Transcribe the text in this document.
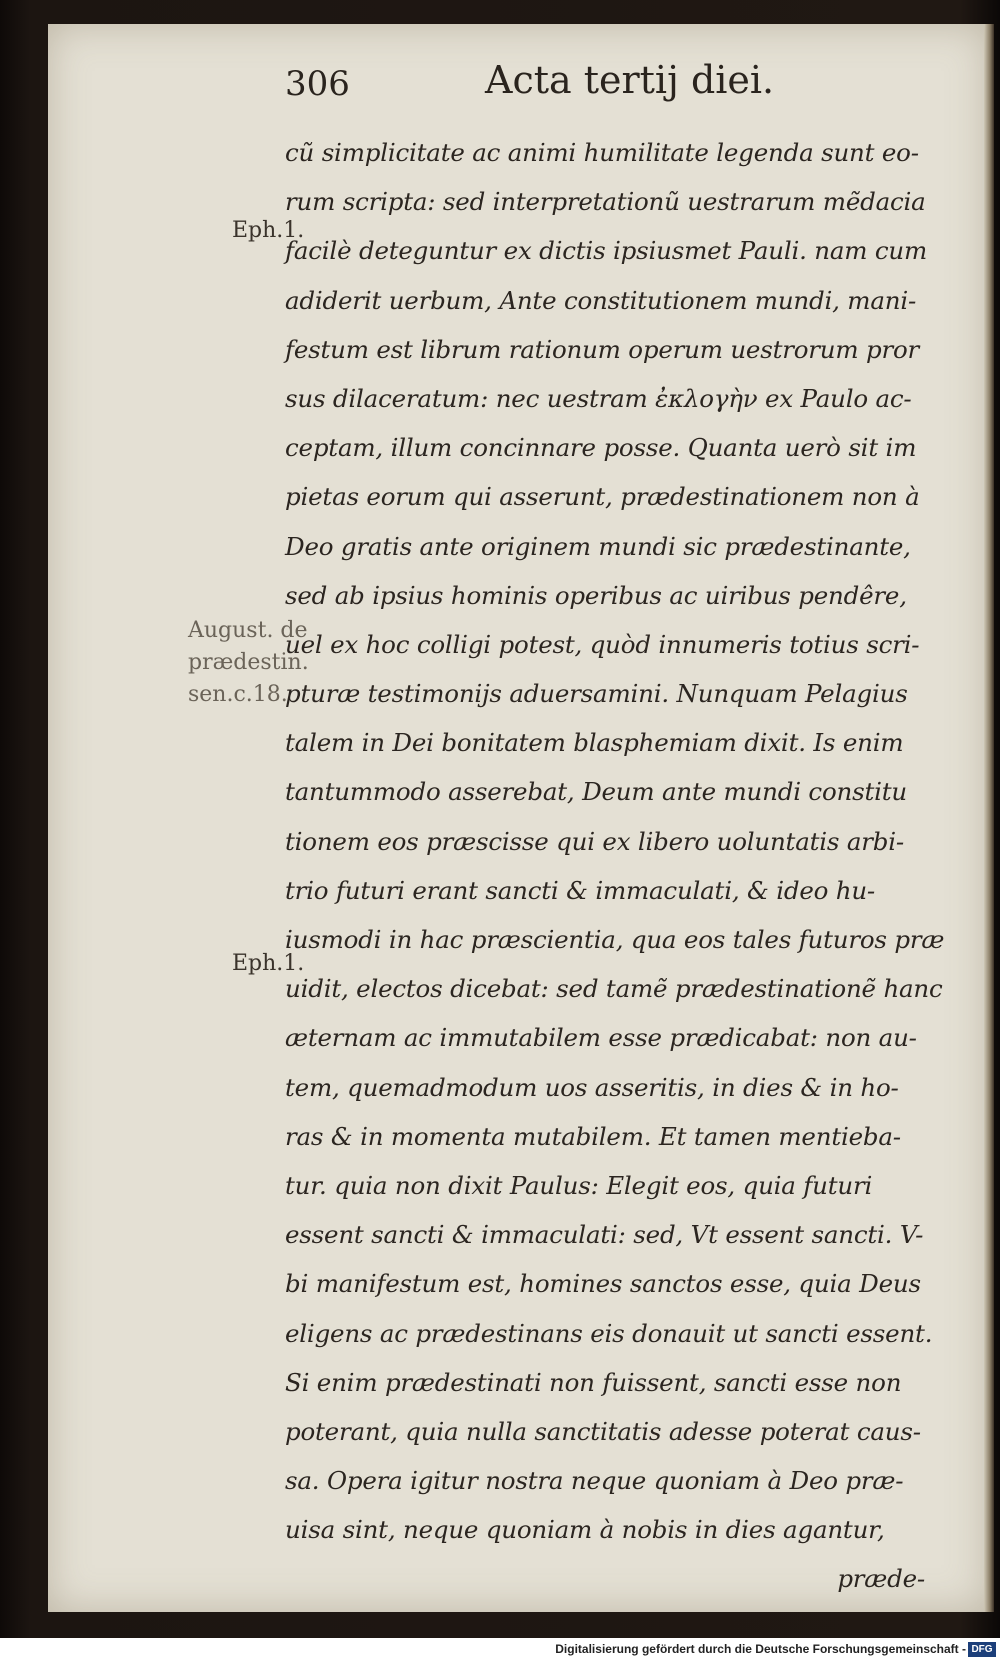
306	Acta tertij diei.
Eph.1.
August. de
prædestin.
sen.c.18.
Eph.1.
cũ simplicitate ac animi humilitate legenda sunt eo-
rum scripta: sed interpretationũ uestrarum mẽdacia
facilè deteguntur ex dictis ipsiusmet Pauli. nam cum
adiderit uerbum, Ante constitutionem mundi, mani-
festum est librum rationum operum uestrorum pror
sus dilaceratum: nec uestram ἐκλογὴν ex Paulo ac-
ceptam, illum concinnare posse. Quanta uerò sit im
pietas eorum qui asserunt, prædestinationem non à
Deo gratis ante originem mundi sic prædestinante,
sed ab ipsius hominis operibus ac uiribus pendêre,
uel ex hoc colligi potest, quòd innumeris totius scri-
pturæ testimonijs aduersamini. Nunquam Pelagius
talem in Dei bonitatem blasphemiam dixit. Is enim
tantummodo asserebat, Deum ante mundi constitu
tionem eos præscisse qui ex libero uoluntatis arbi-
trio futuri erant sancti & immaculati, & ideo hu-
iusmodi in hac præscientia, qua eos tales futuros præ
uidit, electos dicebat: sed tamẽ prædestinationẽ hanc
æternam ac immutabilem esse prædicabat: non au-
tem, quemadmodum uos asseritis, in dies & in ho-
ras & in momenta mutabilem. Et tamen mentieba-
tur. quia non dixit Paulus: Elegit eos, quia futuri
essent sancti & immaculati: sed, Vt essent sancti. V-
bi manifestum est, homines sanctos esse, quia Deus
eligens ac prædestinans eis donauit ut sancti essent.
Si enim prædestinati non fuissent, sancti esse non
poterant, quia nulla sanctitatis adesse poterat caus-
sa. Opera igitur nostra neque quoniam à Deo præ-
uisa sint, neque quoniam à nobis in dies agantur,
præde-
Digitalisierung gefördert durch die Deutsche Forschungsgemeinschaft - DFG
